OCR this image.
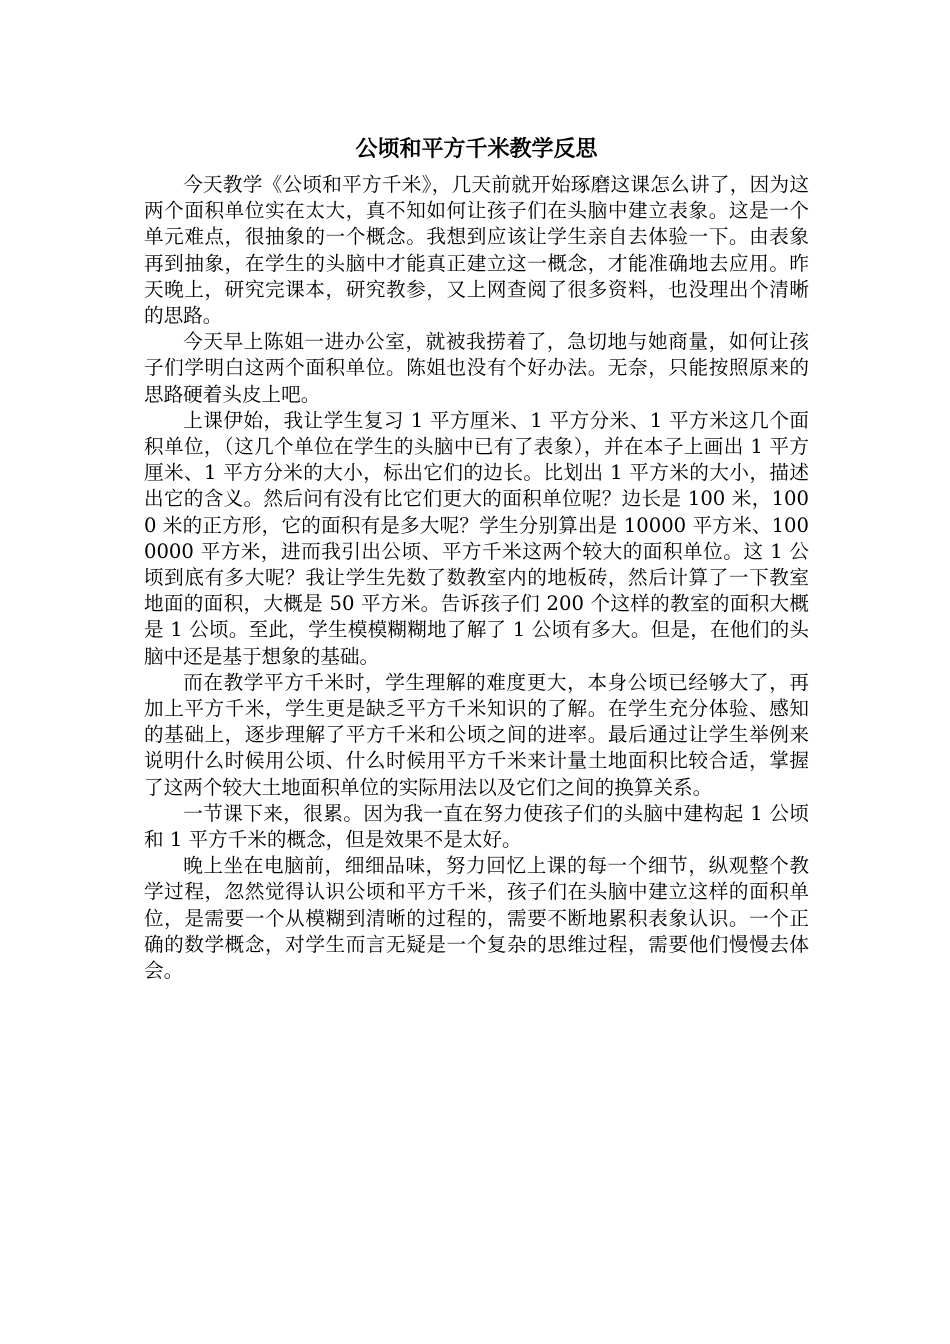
公顷和平方千米教学反思

今天教学《公顷和平方千米》，几天前就开始琢磨这课怎么讲了，因为这两个面积单位实在太大，真不知如何让孩子们在头脑中建立表象。这是一个单元难点，很抽象的一个概念。我想到应该让学生亲自去体验一下。由表象再到抽象，在学生的头脑中才能真正建立这一概念，才能准确地去应用。昨天晚上，研究完课本，研究教参，又上网查阅了很多资料，也没理出个清晰的思路。

今天早上陈姐一进办公室，就被我捞着了，急切地与她商量，如何让孩子们学明白这两个面积单位。陈姐也没有个好办法。无奈，只能按照原来的思路硬着头皮上吧。

上课伊始，我让学生复习 1 平方厘米、1 平方分米、1 平方米这几个面积单位，（这几个单位在学生的头脑中已有了表象），并在本子上画出 1 平方厘米、1 平方分米的大小，标出它们的边长。比划出 1 平方米的大小，描述出它的含义。然后问有没有比它们更大的面积单位呢？边长是 100 米，1000 米的正方形，它的面积有是多大呢？学生分别算出是 10000 平方米、1000000 平方米，进而我引出公顷、平方千米这两个较大的面积单位。这 1 公顷到底有多大呢？我让学生先数了数教室内的地板砖，然后计算了一下教室地面的面积，大概是 50 平方米。告诉孩子们 200 个这样的教室的面积大概是 1 公顷。至此，学生模模糊糊地了解了 1 公顷有多大。但是，在他们的头脑中还是基于想象的基础。

而在教学平方千米时，学生理解的难度更大，本身公顷已经够大了，再加上平方千米，学生更是缺乏平方千米知识的了解。在学生充分体验、感知的基础上，逐步理解了平方千米和公顷之间的进率。最后通过让学生举例来说明什么时候用公顷、什么时候用平方千米来计量土地面积比较合适，掌握了这两个较大土地面积单位的实际用法以及它们之间的换算关系。

一节课下来，很累。因为我一直在努力使孩子们的头脑中建构起 1 公顷和 1 平方千米的概念，但是效果不是太好。

晚上坐在电脑前，细细品味，努力回忆上课的每一个细节，纵观整个教学过程，忽然觉得认识公顷和平方千米，孩子们在头脑中建立这样的面积单位，是需要一个从模糊到清晰的过程的，需要不断地累积表象认识。一个正确的数学概念，对学生而言无疑是一个复杂的思维过程，需要他们慢慢去体会。
